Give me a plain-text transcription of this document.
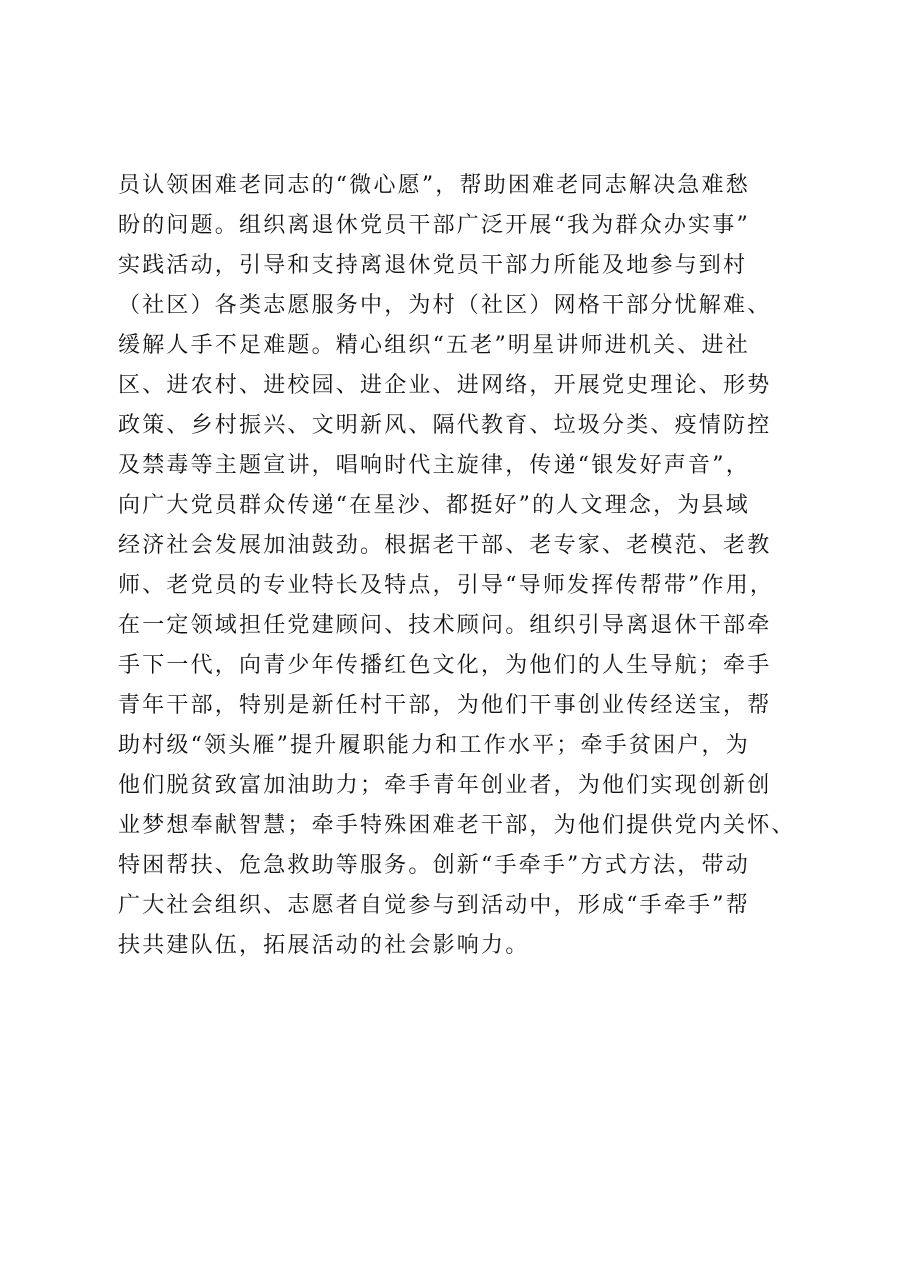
员认领困难老同志的“微心愿”，帮助困难老同志解决急难愁
盼的问题。组织离退休党员干部广泛开展“我为群众办实事”
实践活动，引导和支持离退休党员干部力所能及地参与到村
（社区）各类志愿服务中，为村（社区）网格干部分忧解难、
缓解人手不足难题。精心组织“五老”明星讲师进机关、进社
区、进农村、进校园、进企业、进网络，开展党史理论、形势
政策、乡村振兴、文明新风、隔代教育、垃圾分类、疫情防控
及禁毒等主题宣讲，唱响时代主旋律，传递“银发好声音”，
向广大党员群众传递“在星沙、都挺好”的人文理念，为县域
经济社会发展加油鼓劲。根据老干部、老专家、老模范、老教
师、老党员的专业特长及特点，引导“导师发挥传帮带”作用，
在一定领域担任党建顾问、技术顾问。组织引导离退休干部牵
手下一代，向青少年传播红色文化，为他们的人生导航；牵手
青年干部，特别是新任村干部，为他们干事创业传经送宝，帮
助村级“领头雁”提升履职能力和工作水平；牵手贫困户，为
他们脱贫致富加油助力；牵手青年创业者，为他们实现创新创
业梦想奉献智慧；牵手特殊困难老干部，为他们提供党内关怀、
特困帮扶、危急救助等服务。创新“手牵手”方式方法，带动
广大社会组织、志愿者自觉参与到活动中，形成“手牵手”帮
扶共建队伍，拓展活动的社会影响力。
